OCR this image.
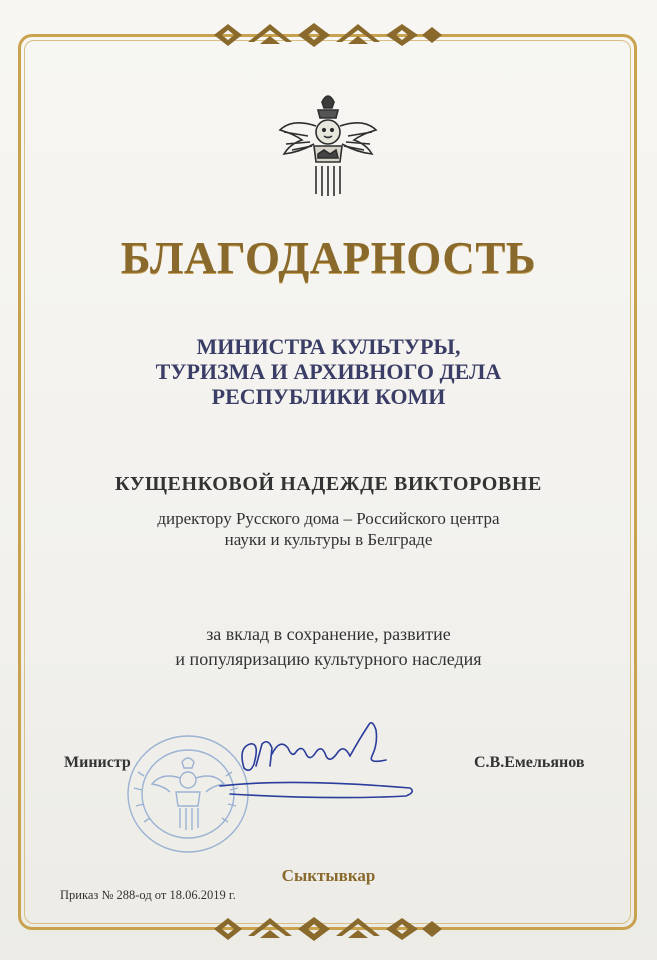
БЛАГОДАРНОСТЬ
МИНИСТРА КУЛЬТУРЫ,
ТУРИЗМА И АРХИВНОГО ДЕЛА
РЕСПУБЛИКИ КОМИ
КУЩЕНКОВОЙ НАДЕЖДЕ ВИКТОРОВНЕ
директору Русского дома – Российского центра
науки и культуры в Белграде
за вклад в сохранение, развитие
и популяризацию культурного наследия
Министр	С.В.Емельянов
Сыктывкар
Приказ № 288-од от 18.06.2019 г.
